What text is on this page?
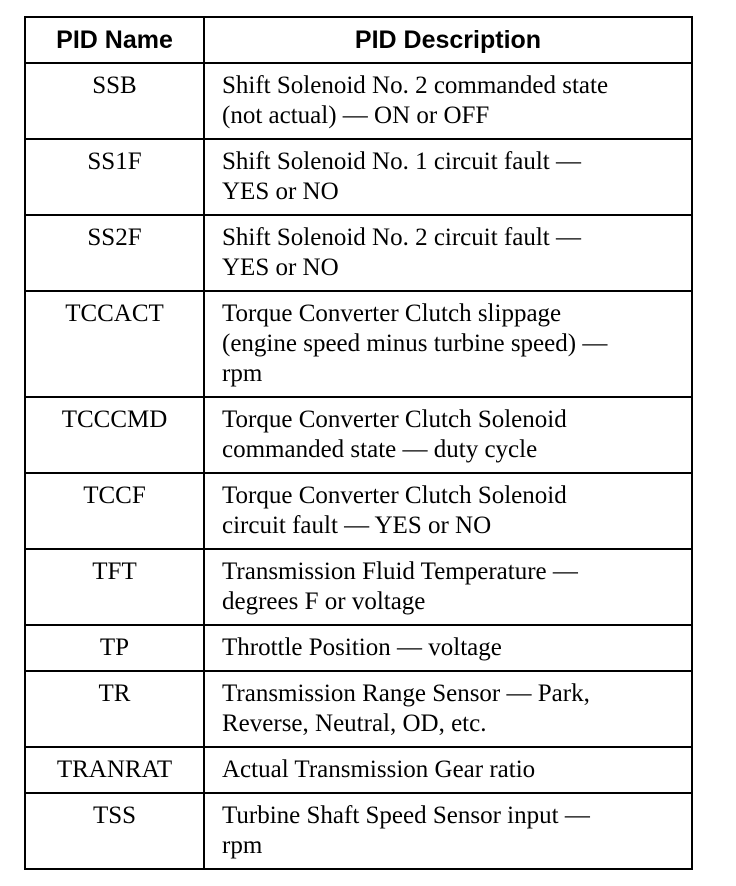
PID Name	PID Description
SSB	Shift Solenoid No. 2 commanded state
(not actual) — ON or OFF
SS1F	Shift Solenoid No. 1 circuit fault —
YES or NO
SS2F	Shift Solenoid No. 2 circuit fault —
YES or NO
TCCACT	Torque Converter Clutch slippage
(engine speed minus turbine speed) —
rpm
TCCCMD	Torque Converter Clutch Solenoid
commanded state — duty cycle
TCCF	Torque Converter Clutch Solenoid
circuit fault — YES or NO
TFT	Transmission Fluid Temperature —
degrees F or voltage
TP	Throttle Position — voltage
TR	Transmission Range Sensor — Park,
Reverse, Neutral, OD, etc.
TRANRAT	Actual Transmission Gear ratio
TSS	Turbine Shaft Speed Sensor input —
rpm
